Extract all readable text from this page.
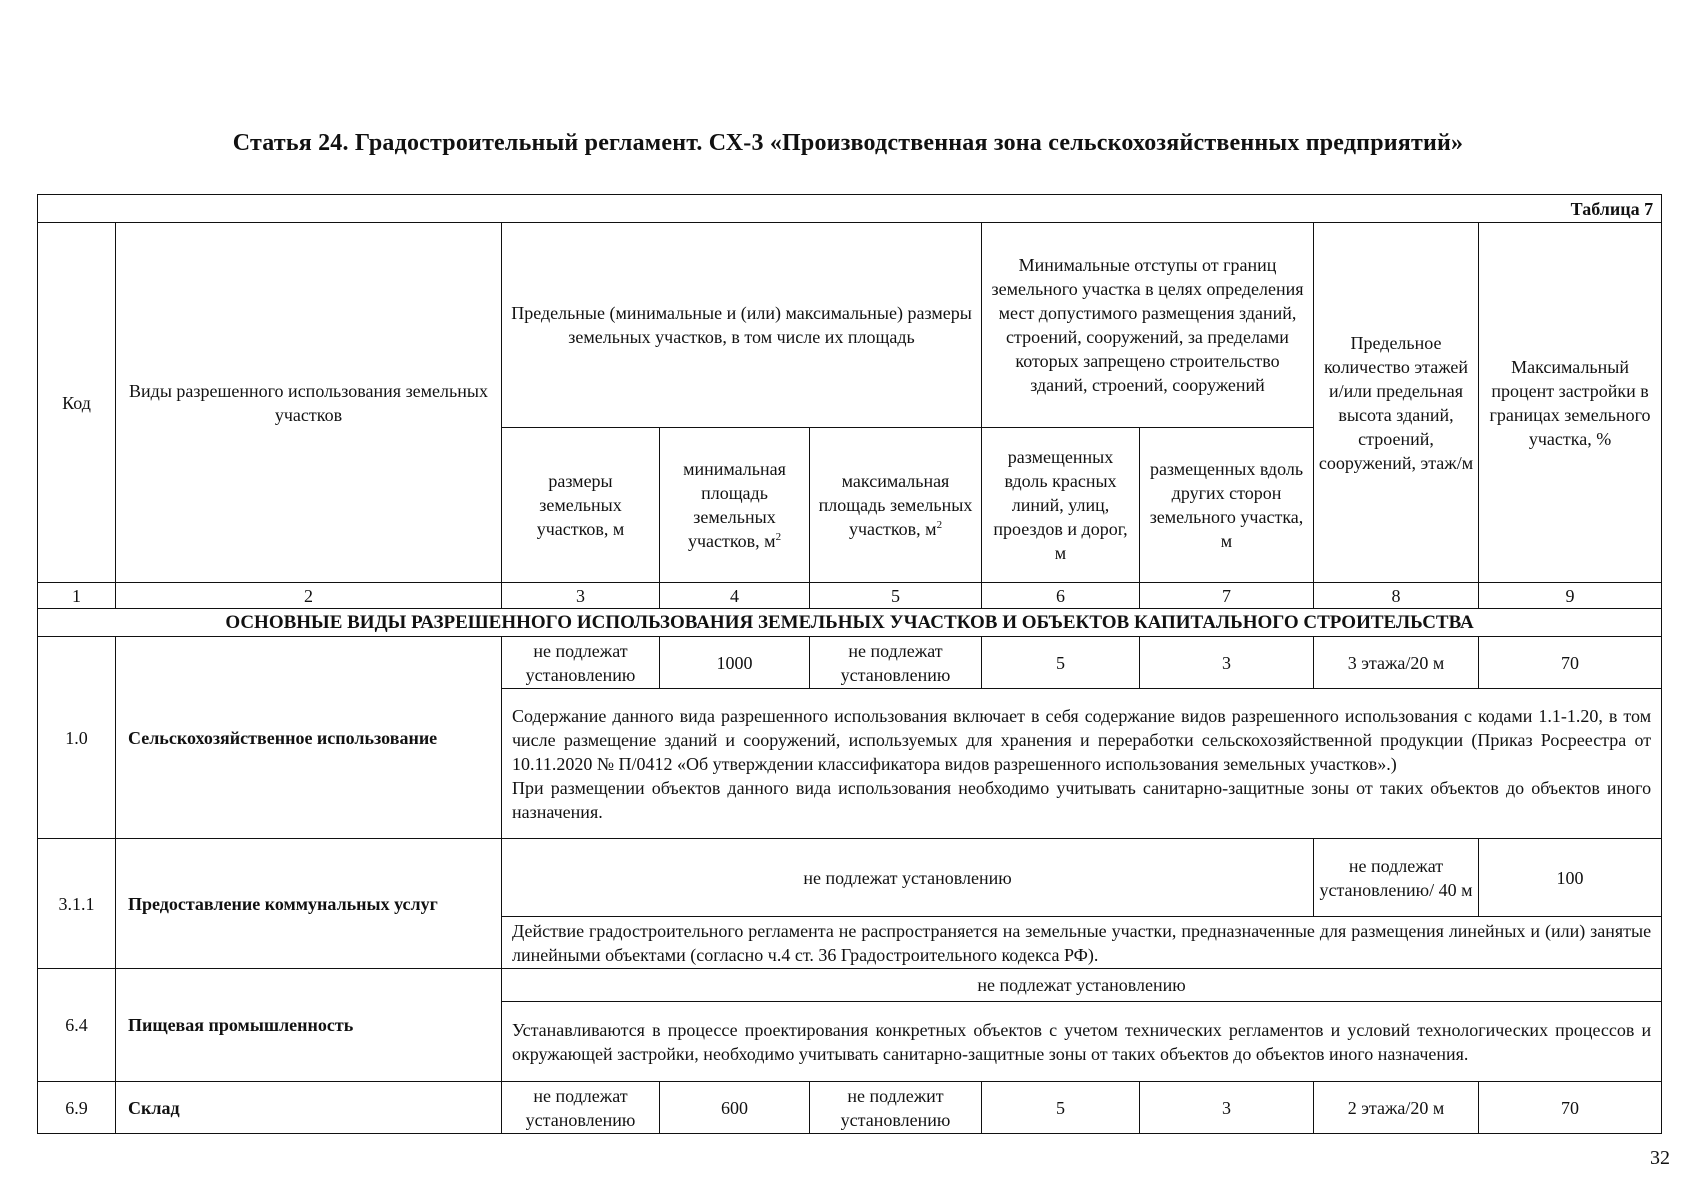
Статья 24. Градостроительный регламент. СХ-3 «Производственная зона сельскохозяйственных предприятий»
Таблица 7								
Код	Виды разрешенного использования земельных участков	Предельные (минимальные и (или) максимальные) размеры земельных участков, в том числе их площадь			Минимальные отступы от границ земельного участка в целях определения мест допустимого размещения зданий, строений, сооружений, за пределами которых запрещено строительство зданий, строений, сооружений		Предельное количество этажей и/или предельная высота зданий, строений, сооружений, этаж/м	Максимальный процент застройки в границах земельного участка, %
		размеры земельных участков, м	минимальная площадь земельных участков, $м^2$	максимальная площадь земельных участков, $м^2$	размещенных вдоль красных линий, улиц, проездов и дорог, м	размещенных вдоль других сторон земельного участка, м		
1	2	3	4	5	6	7	8	9
ОСНОВНЫЕ ВИДЫ РАЗРЕШЕННОГО ИСПОЛЬЗОВАНИЯ ЗЕМЕЛЬНЫХ УЧАСТКОВ И ОБЪЕКТОВ КАПИТАЛЬНОГО СТРОИТЕЛЬСТВА								
1.0	Сельскохозяйственное использование	не подлежат установлению	1000	не подлежат установлению	5	3	3 этажа/20 м	70

		Содержание данного вида разрешенного использования включает в себя содержание видов разрешенного использования с кодами 1.1-1.20, в том числе размещение зданий и сооружений, используемых для хранения и переработки сельскохозяйственной продукции (Приказ Росреестра от 10.11.2020 № П/0412 «Об утверждении классификатора видов разрешенного использования земельных участков».)

При размещении объектов данного вида использования необходимо учитывать санитарно-защитные зоны от таких объектов до объектов иного назначения.						

3.1.1	Предоставление коммунальных услуг	не подлежат установлению					не подлежат установлению/ 40 м	100
		Действие градостроительного регламента не распространяется на земельные участки, предназначенные для размещения линейных и (или) занятые линейными объектами (согласно ч.4 ст. 36 Градостроительного кодекса РФ).						
6.4	Пищевая промышленность	не подлежат установлению						
		Устанавливаются в процессе проектирования конкретных объектов с учетом технических регламентов и условий технологических процессов и окружающей застройки, необходимо учитывать санитарно-защитные зоны от таких объектов до объектов иного назначения.						
6.9	Склад	не подлежат установлению	600	не подлежит установлению	5	3	2 этажа/20 м	70
32
